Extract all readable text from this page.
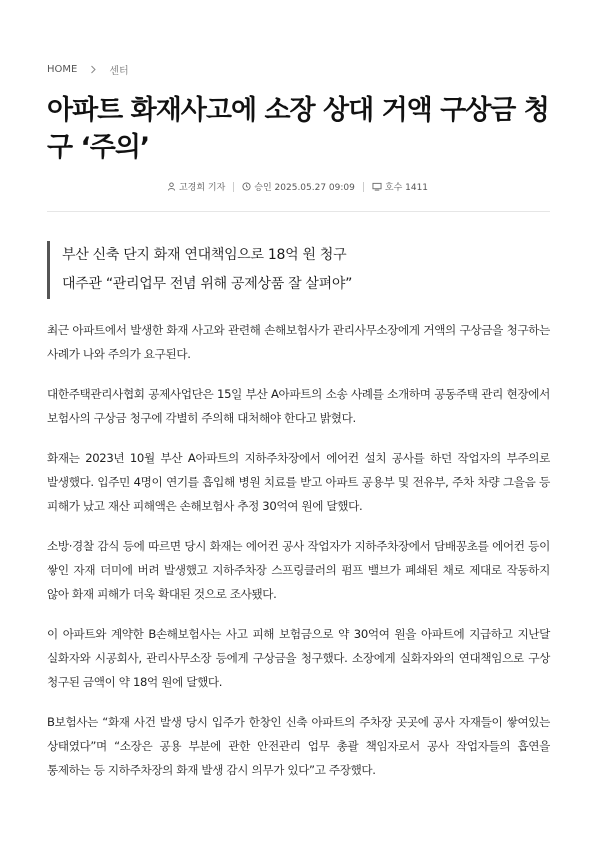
HOME	센터
아파트 화재사고에 소장 상대 거액 구상금 청구 ‘주의’
고경희 기자	승인 2025.05.27 09:09	호수 1411
부산 신축 단지 화재 연대책임으로 18억 원 청구
대주관 “관리업무 전념 위해 공제상품 잘 살펴야”

최근 아파트에서 발생한 화재 사고와 관련해 손해보험사가 관리사무소장에게 거액의 구상금을 청구하는 사례가 나와 주의가 요구된다.

대한주택관리사협회 공제사업단은 15일 부산 A아파트의 소송 사례를 소개하며 공동주택 관리 현장에서 보험사의 구상금 청구에 각별히 주의해 대처해야 한다고 밝혔다.

화재는 2023년 10월 부산 A아파트의 지하주차장에서 에어컨 설치 공사를 하던 작업자의 부주의로 발생했다. 입주민 4명이 연기를 흡입해 병원 치료를 받고 아파트 공용부 및 전유부, 주차 차량 그을음 등 피해가 났고 재산 피해액은 손해보험사 추정 30억여 원에 달했다.

소방·경찰 감식 등에 따르면 당시 화재는 에어컨 공사 작업자가 지하주차장에서 담배꽁초를 에어컨 등이 쌓인 자재 더미에 버려 발생했고 지하주차장 스프링클러의 펌프 밸브가 폐쇄된 채로 제대로 작동하지 않아 화재 피해가 더욱 확대된 것으로 조사됐다.

이 아파트와 계약한 B손해보험사는 사고 피해 보험금으로 약 30억여 원을 아파트에 지급하고 지난달 실화자와 시공회사, 관리사무소장 등에게 구상금을 청구했다. 소장에게 실화자와의 연대책임으로 구상 청구된 금액이 약 18억 원에 달했다.

B보험사는 “화재 사건 발생 당시 입주가 한창인 신축 아파트의 주차장 곳곳에 공사 자재들이 쌓여있는 상태였다”며 “소장은 공용 부분에 관한 안전관리 업무 총괄 책임자로서 공사 작업자들의 흡연을 통제하는 등 지하주차장의 화재 발생 감시 의무가 있다”고 주장했다.
